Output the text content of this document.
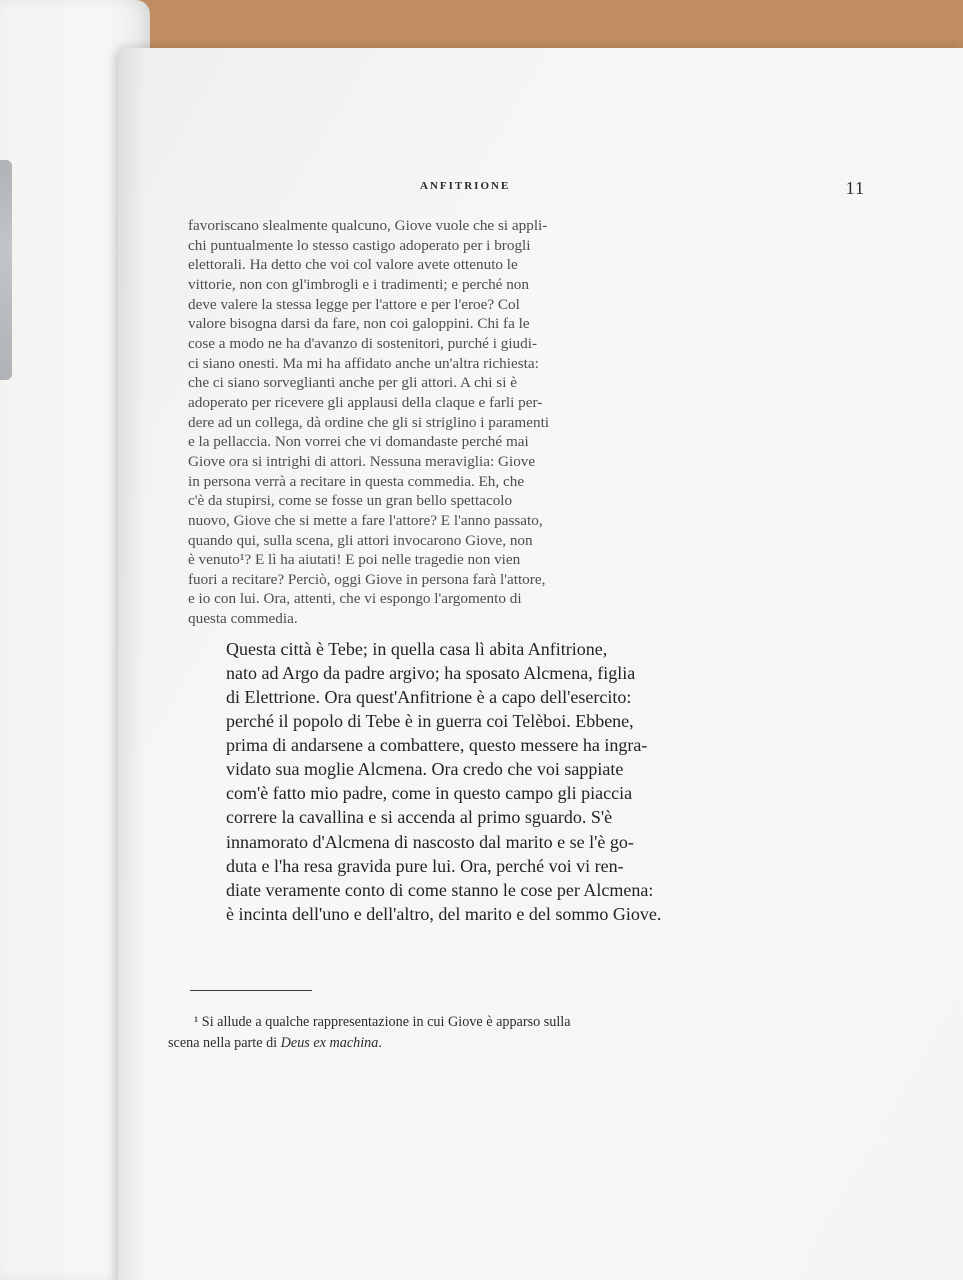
ANFITRIONE	11

favoriscano slealmente qualcuno, Giove vuole che si appli-
chi puntualmente lo stesso castigo adoperato per i brogli
elettorali. Ha detto che voi col valore avete ottenuto le
vittorie, non con gl'imbrogli e i tradimenti; e perché non
deve valere la stessa legge per l'attore e per l'eroe? Col
valore bisogna darsi da fare, non coi galoppini. Chi fa le
cose a modo ne ha d'avanzo di sostenitori, purché i giudi-
ci siano onesti. Ma mi ha affidato anche un'altra richiesta:
che ci siano sorveglianti anche per gli attori. A chi si è
adoperato per ricevere gli applausi della claque e farli per-
dere ad un collega, dà ordine che gli si striglino i paramenti
e la pellaccia. Non vorrei che vi domandaste perché mai
Giove ora si intrighi di attori. Nessuna meraviglia: Giove
in persona verrà a recitare in questa commedia. Eh, che
c'è da stupirsi, come se fosse un gran bello spettacolo
nuovo, Giove che si mette a fare l'attore? E l'anno passato,
quando qui, sulla scena, gli attori invocarono Giove, non
è venuto¹? E lì ha aiutati! E poi nelle tragedie non vien
fuori a recitare? Perciò, oggi Giove in persona farà l'attore,
e io con lui. Ora, attenti, che vi espongo l'argomento di
questa commedia.

Questa città è Tebe; in quella casa lì abita Anfitrione,
nato ad Argo da padre argivo; ha sposato Alcmena, figlia
di Elettrione. Ora quest'Anfitrione è a capo dell'esercito:
perché il popolo di Tebe è in guerra coi Telèboi. Ebbene,
prima di andarsene a combattere, questo messere ha ingra-
vidato sua moglie Alcmena. Ora credo che voi sappiate
com'è fatto mio padre, come in questo campo gli piaccia
correre la cavallina e si accenda al primo sguardo. S'è
innamorato d'Alcmena di nascosto dal marito e se l'è go-
duta e l'ha resa gravida pure lui. Ora, perché voi vi ren-
diate veramente conto di come stanno le cose per Alcmena:
è incinta dell'uno e dell'altro, del marito e del sommo Giove.

¹ Si allude a qualche rappresentazione in cui Giove è apparso sulla
scena nella parte di Deus ex machina.
